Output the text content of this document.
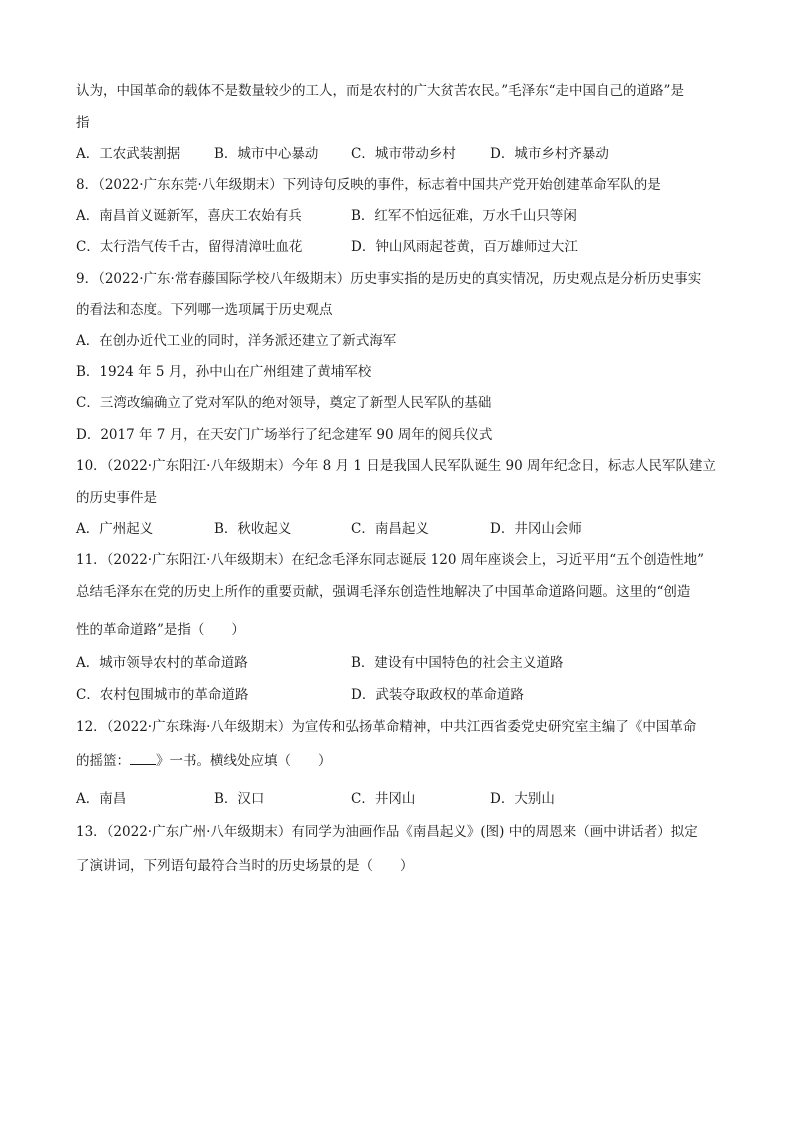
认为，中国革命的载体不是数量较少的工人，而是农村的广大贫苦农民。”毛泽东“走中国自己的道路”是
指
A．工农武装割据	B．城市中心暴动 C．城市带动乡村	D．城市乡村齐暴动
8．（2022·广东东莞·八年级期末）下列诗句反映的事件，标志着中国共产党开始创建革命军队的是
A．南昌首义诞新军，喜庆工农始有兵	B．红军不怕远征难，万水千山只等闲
C．太行浩气传千古，留得清漳吐血花	D．钟山风雨起苍黄，百万雄师过大江
9．（2022·广东·常春藤国际学校八年级期末）历史事实指的是历史的真实情况，历史观点是分析历史事实
的看法和态度。下列哪一选项属于历史观点
A．在创办近代工业的同时，洋务派还建立了新式海军
B．1924 年 5 月，孙中山在广州组建了黄埔军校
C．三湾改编确立了党对军队的绝对领导，奠定了新型人民军队的基础
D．2017 年 7 月，在天安门广场举行了纪念建军 90 周年的阅兵仪式
10．（2022·广东阳江·八年级期末）今年 8 月 1 日是我国人民军队诞生 90 周年纪念日，标志人民军队建立
的历史事件是
A．广州起义	B．秋收起义	C．南昌起义	D．井冈山会师
11．（2022·广东阳江·八年级期末）在纪念毛泽东同志诞辰 120 周年座谈会上，习近平用“五个创造性地”
总结毛泽东在党的历史上所作的重要贡献，强调毛泽东创造性地解决了中国革命道路问题。这里的“创造
性的革命道路”是指（　　）
A．城市领导农村的革命道路	B．建设有中国特色的社会主义道路
C．农村包围城市的革命道路	D．武装夺取政权的革命道路
12．（2022·广东珠海·八年级期末）为宣传和弘扬革命精神，中共江西省委党史研究室主编了《中国革命
的摇篮： 》一书。横线处应填（　　）
A．南昌	B．汉口	C．井冈山	D．大别山
13．（2022·广东广州·八年级期末）有同学为油画作品《南昌起义》(图) 中的周恩来（画中讲话者）拟定
了演讲词，下列语句最符合当时的历史场景的是（　　）
